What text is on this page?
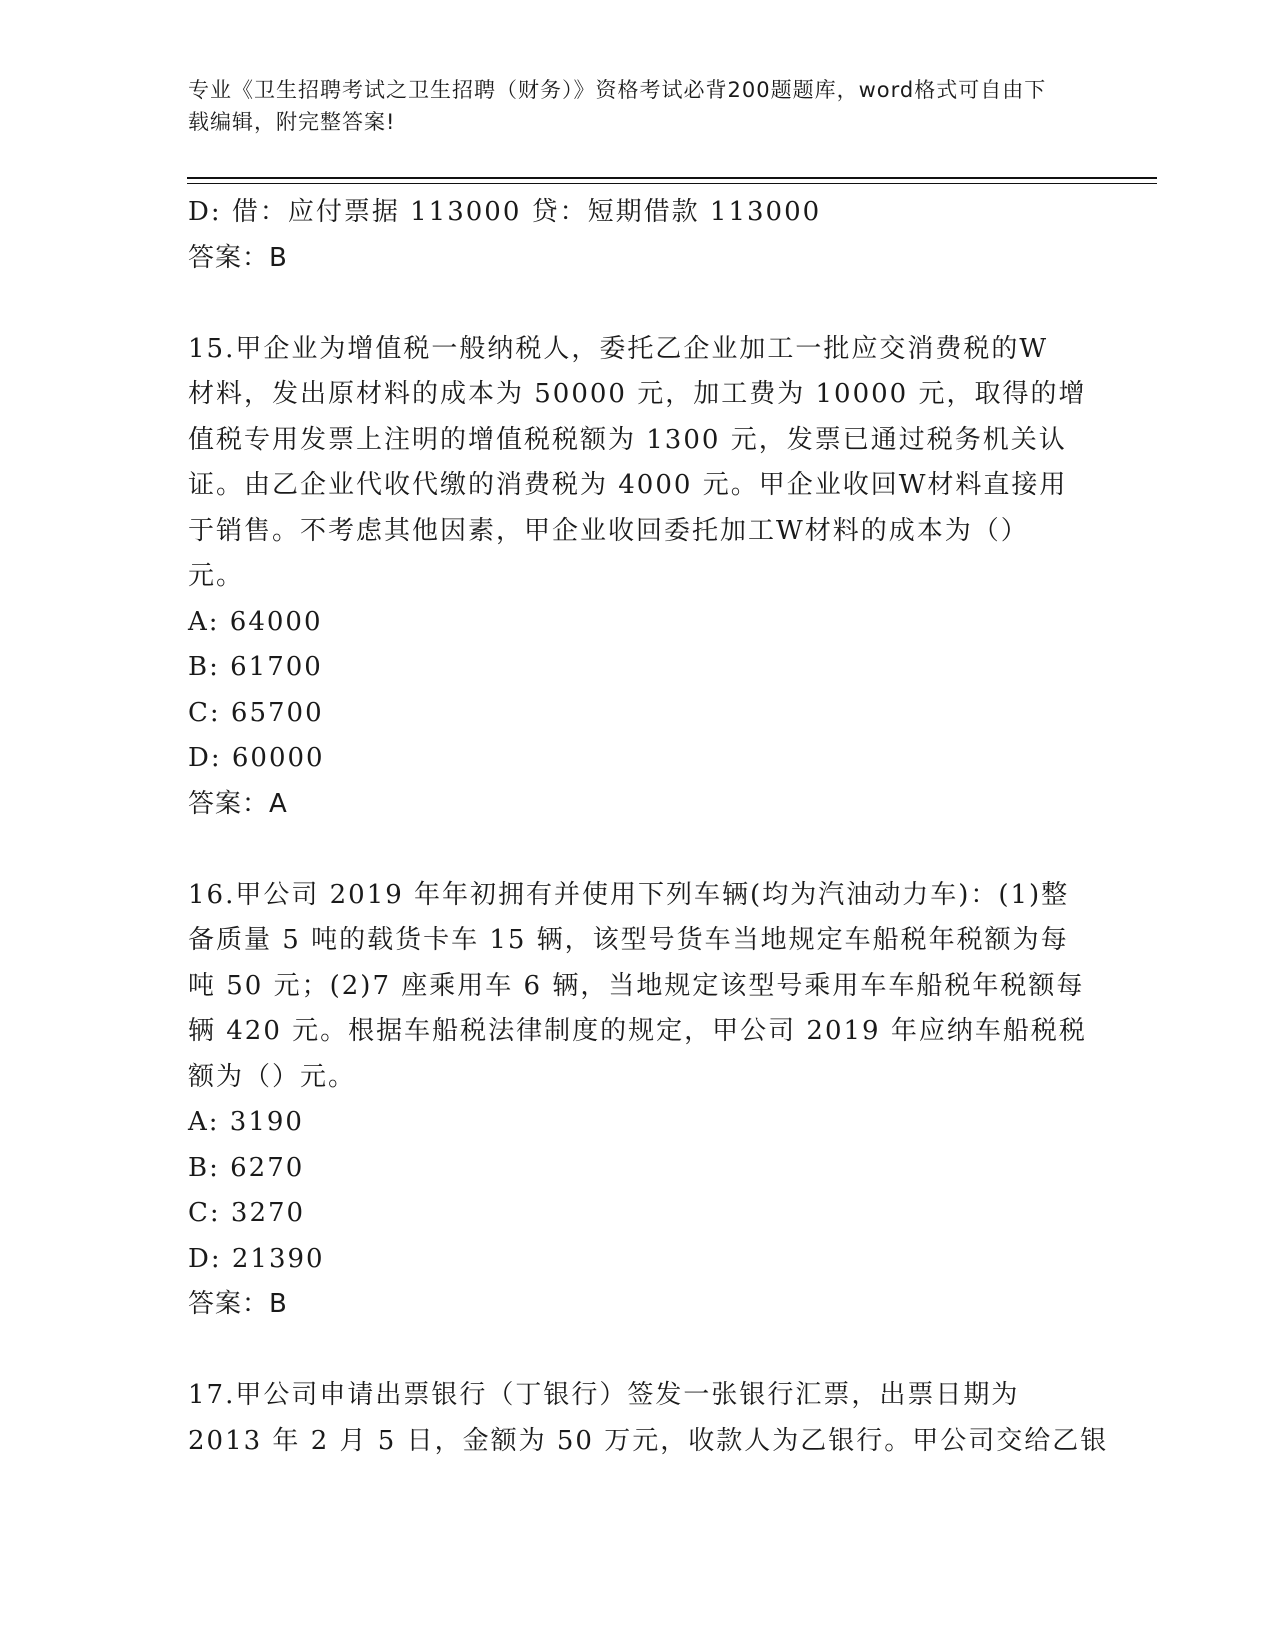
专业《卫生招聘考试之卫生招聘（财务）》资格考试必背200题题库，word格式可自由下载编辑，附完整答案!
D: 借：应付票据 113000 贷：短期借款 113000
答案：B
15.甲企业为增值税一般纳税人，委托乙企业加工一批应交消费税的W
材料，发出原材料的成本为 50000 元，加工费为 10000 元，取得的增
值税专用发票上注明的增值税税额为 1300 元，发票已通过税务机关认
证。由乙企业代收代缴的消费税为 4000 元。甲企业收回W材料直接用
于销售。不考虑其他因素，甲企业收回委托加工W材料的成本为（）
元。
A: 64000
B: 61700
C: 65700
D: 60000
答案：A
16.甲公司 2019 年年初拥有并使用下列车辆(均为汽油动力车)：(1)整
备质量 5 吨的载货卡车 15 辆，该型号货车当地规定车船税年税额为每
吨 50 元；(2)7 座乘用车 6 辆，当地规定该型号乘用车车船税年税额每
辆 420 元。根据车船税法律制度的规定，甲公司 2019 年应纳车船税税
额为（）元。
A: 3190
B: 6270
C: 3270
D: 21390
答案：B
17.甲公司申请出票银行（丁银行）签发一张银行汇票，出票日期为
2013 年 2 月 5 日，金额为 50 万元，收款人为乙银行。甲公司交给乙银
